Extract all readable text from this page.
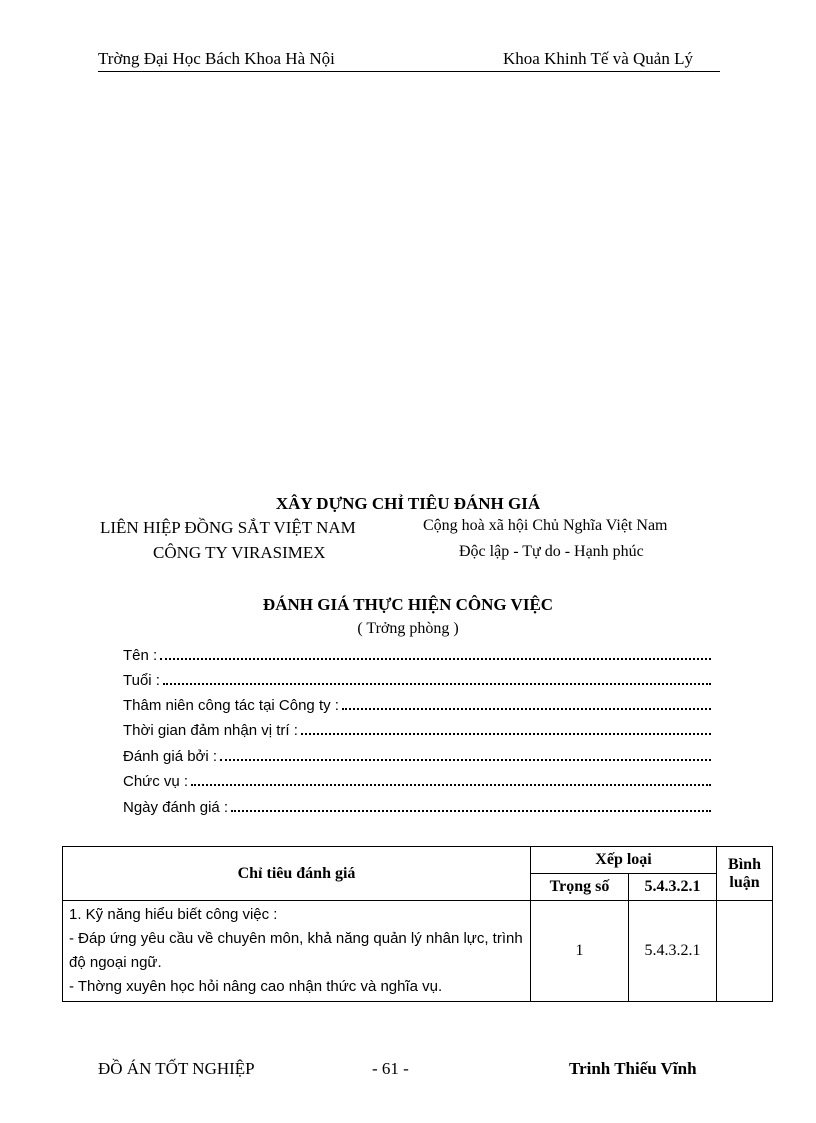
Trờng Đại Học Bách Khoa Hà Nội	Khoa Khinh Tế và Quản Lý
XÂY DỰNG CHỈ TIÊU ĐÁNH GIÁ
LIÊN HIỆP ĐỒNG SẮT VIỆT NAM
CÔNG TY VIRASIMEX
Cộng hoà xã hội Chủ Nghĩa Việt Nam
Độc lập - Tự do - Hạnh phúc
ĐÁNH GIÁ THỰC HIỆN CÔNG VIỆC
( Trởng phòng )
Tên :
Tuổi :
Thâm niên công tác tại Công ty :
Thời gian đảm nhận vị trí :
Đánh giá bởi :
Chức vụ :
Ngày đánh giá :
Chỉ tiêu đánh giá	Xếp loại		Bình
luận
	Trọng số	5.4.3.2.1	

1. Kỹ năng hiểu biết công việc :
- Đáp ứng yêu cầu về chuyên môn, khả năng quản lý nhân lực, trình độ ngoại ngữ.
- Thờng xuyên học hỏi nâng cao nhận thức và nghĩa vụ.	1	5.4.3.2.1	
ĐỒ ÁN TỐT NGHIỆP	- 61 -	Trinh Thiếu Vĩnh
